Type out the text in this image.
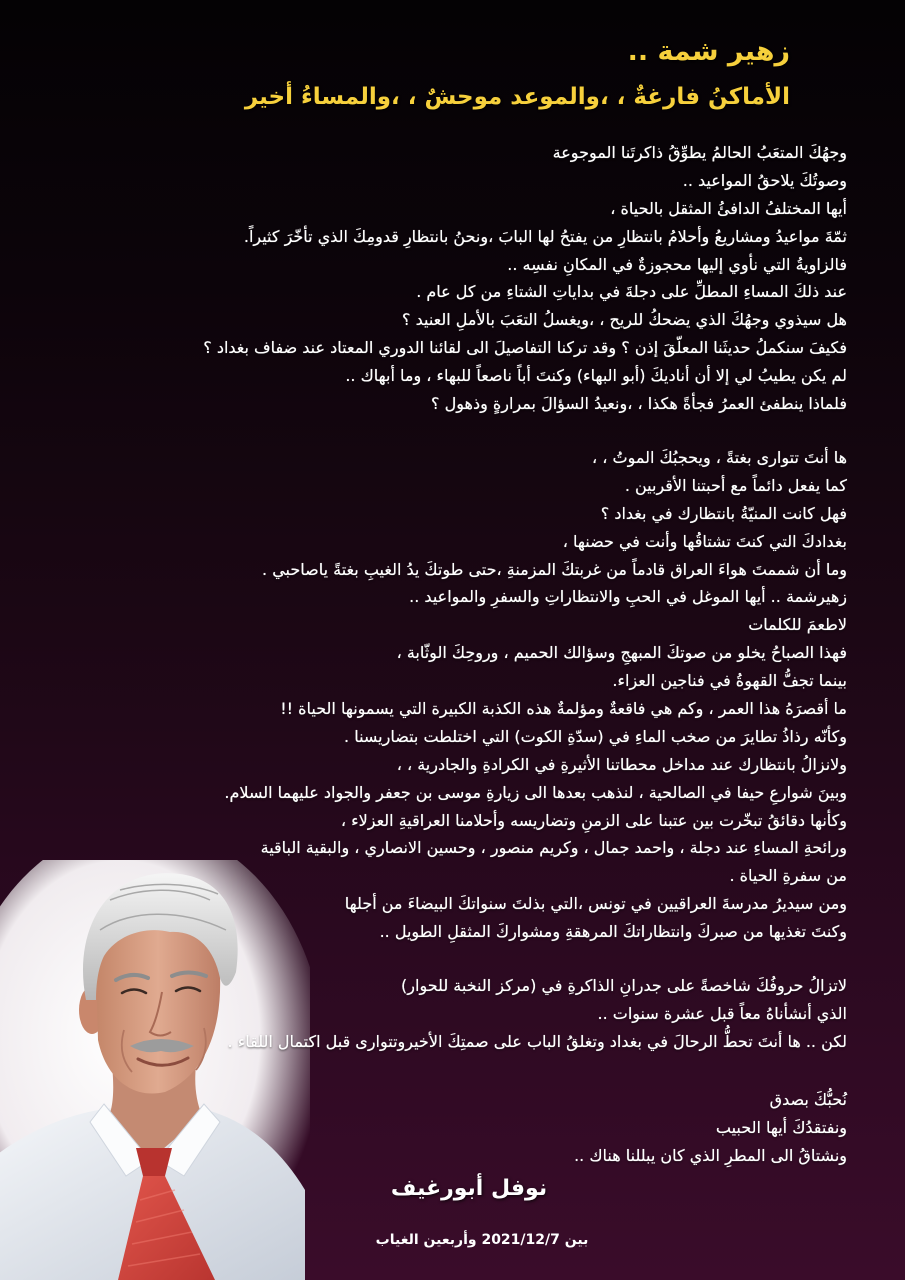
زهير شمة ..
الأماكنُ فارغةٌ ، ،والموعد موحشٌ ، ،والمساءُ أخير
وجهُكَ المتعَبُ الحالمُ يطوِّقُ ذاكرتَنا الموجوعة
وصوتُكَ يلاحقُ المواعيد ..
أيها المختلفُ الدافئُ المثقل بالحياة ،
ثمّةَ مواعيدُ ومشاريعُ وأحلامُ بانتظارِ من يفتحُ لها البابَ ،ونحنُ بانتظارِ قدومِكَ الذي تأخّرَ كثيراً.
فالزاويةُ التي نأوي إليها محجوزةٌ في المكانِ نفسِه ..
عند ذلكَ المساءِ المطلِّ على دجلةَ في بداياتِ الشتاءِ من كل عام .
هل سيذوي وجهُكَ الذي يضحكُ للريح ، ،ويغسلُ التعَبَ بالأملِ العنيد ؟
فكيفَ سنكملُ حديثَنا المعلّقَ إذن ؟ وقد تركنا التفاصيلَ الى لقائنا الدوري المعتاد عند ضفاف بغداد ؟
لم يكن يطيبُ لي إلا أن أناديكَ (أبو البهاء) وكنتَ أباً ناصعاً للبهاء ، وما أبهاك ..
فلماذا ينطفئ العمرُ فجأةً هكذا ، ،ونعيدُ السؤالَ بمرارةٍ وذهول ؟
ها أنتَ تتوارى بغتةً ، ويحجبُكَ الموتُ ، ،
كما يفعل دائماً مع أحبتنا الأقربين .
فهل كانت المنيّةُ بانتظارك في بغداد ؟
بغدادكَ التي كنتَ تشتاقُها وأنت في حضنها ،
وما أن شممتَ هواءَ العراق قادماً من غربتكَ المزمنةِ ،حتى طوتكَ يدُ الغيبِ بغتةً ياصاحبي .
زهيرشمة .. أيها الموغل في الحبِ والانتظاراتِ والسفرِ والمواعيد ..
لاطعمَ للكلمات
فهذا الصباحُ يخلو من صوتكَ المبهجِ وسؤالك الحميم ، وروحِكَ الوثّابة ،
بينما تجفُّ القهوةُ في فناجين العزاء.
ما أقصرَهُ هذا العمر ، وكم هي فاقعةٌ ومؤلمةٌ هذه الكذبة الكبيرة التي يسمونها الحياة !!
وكأنّه رذاذُ تطايرَ من صخب الماءِ في (سدّةِ الكوت) التي اختلطت بتضاريسنا .
ولانزالُ بانتظارك عند مداخل محطاتنا الأثيرةِ في الكرادةِ والجادرية ، ،
وبينَ شوارعِ حيفا في الصالحية ، لنذهب بعدها الى زيارةِ موسى بن جعفر والجواد عليهما السلام.
وكأنها دقائقُ تبخّرت بين عتبنا على الزمنِ وتضاريسه وأحلامنا العراقيةِ العزلاء ،
ورائحةِ المساءِ عند دجلة ، واحمد جمال ، وكريم منصور ، وحسين الانصاري ، والبقية الباقية
من سفرةِ الحياة .
ومن سيديرُ مدرسةَ العراقيين في تونس ،التي بذلتَ سنواتكَ البيضاءَ من أجلها
وكنتَ تغذيها من صبركَ وانتظاراتكَ المرهقةِ ومشواركَ المثقلِ الطويل ..
لاتزالُ حروفُكَ شاخصةً على جدرانِ الذاكرةِ في (مركز النخبة للحوار)
الذي أنشأناهُ معاً قبل عشرة سنوات ..
لكن .. ها أنتَ تحطُّ الرحالَ في بغداد وتغلقُ الباب على صمتِكَ الأخيروتتوارى قبل اكتمال اللقاء .
نُحبُّكَ بصدق
ونفتقدُكَ أيها الحبيب
ونشتاقُ الى المطرِ الذي كان يبللنا هناك ..
نوفل أبورغيف
بين 2021/12/7 وأربعين الغياب
